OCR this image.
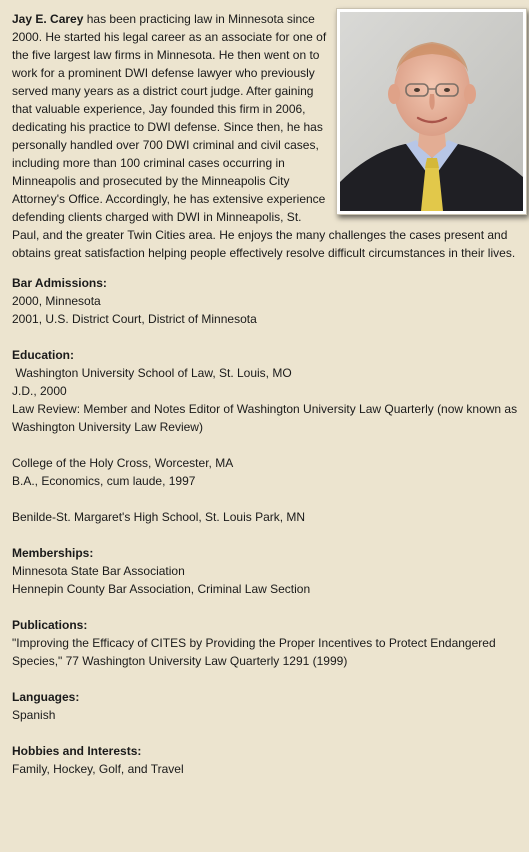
Jay E. Carey has been practicing law in Minnesota since 2000. He started his legal career as an associate for one of the five largest law firms in Minnesota. He then went on to work for a prominent DWI defense lawyer who previously served many years as a district court judge. After gaining that valuable experience, Jay founded this firm in 2006, dedicating his practice to DWI defense. Since then, he has personally handled over 700 DWI criminal and civil cases, including more than 100 criminal cases occurring in Minneapolis and prosecuted by the Minneapolis City Attorney's Office. Accordingly, he has extensive experience defending clients charged with DWI in Minneapolis, St. Paul, and the greater Twin Cities area. He enjoys the many challenges the cases present and obtains great satisfaction helping people effectively resolve difficult circumstances in their lives.

Bar Admissions:
2000, Minnesota
2001, U.S. District Court, District of Minnesota
Education:
Washington University School of Law, St. Louis, MO
J.D., 2000
Law Review: Member and Notes Editor of Washington University Law Quarterly (now known as Washington University Law Review)
College of the Holy Cross, Worcester, MA
B.A., Economics, cum laude, 1997
Benilde-St. Margaret's High School, St. Louis Park, MN
Memberships:
Minnesota State Bar Association
Hennepin County Bar Association, Criminal Law Section
Publications:
"Improving the Efficacy of CITES by Providing the Proper Incentives to Protect Endangered Species," 77 Washington University Law Quarterly 1291 (1999)
Languages:
Spanish
Hobbies and Interests:
Family, Hockey, Golf, and Travel
